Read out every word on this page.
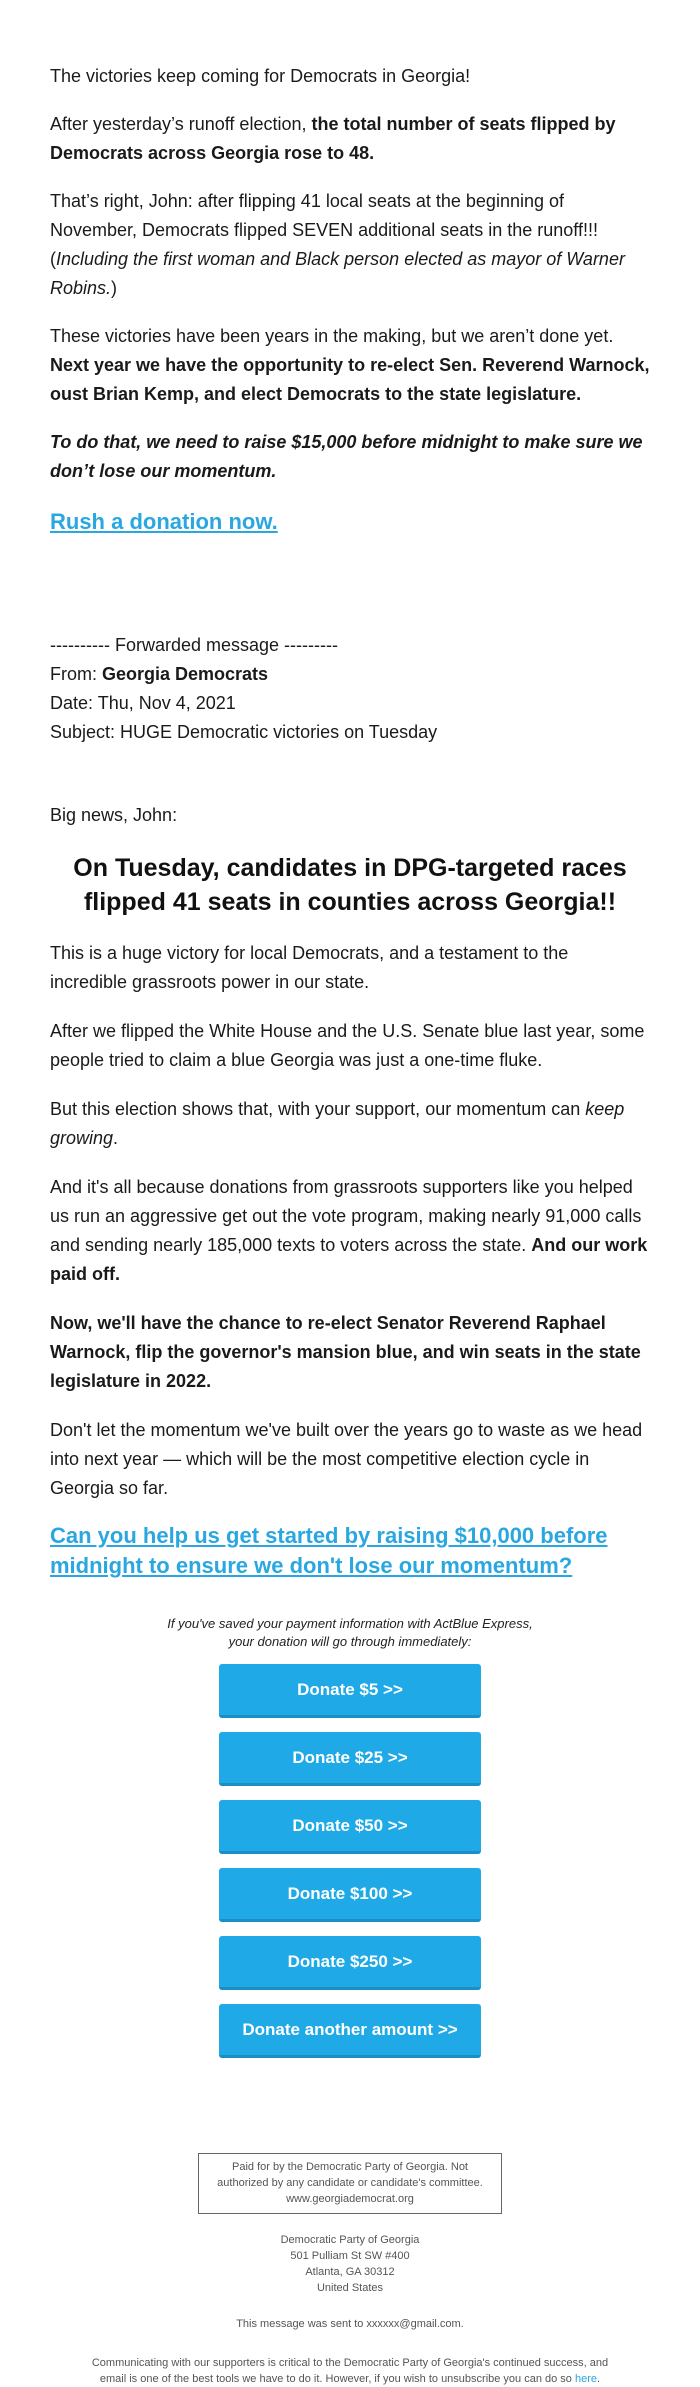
The victories keep coming for Democrats in Georgia!

After yesterday’s runoff election, the total number of seats flipped by Democrats across Georgia rose to 48.

That’s right, John: after flipping 41 local seats at the beginning of November, Democrats flipped SEVEN additional seats in the runoff!!! (Including the first woman and Black person elected as mayor of Warner Robins.)

These victories have been years in the making, but we aren’t done yet. Next year we have the opportunity to re-elect Sen. Reverend Warnock, oust Brian Kemp, and elect Democrats to the state legislature.

To do that, we need to raise $15,000 before midnight to make sure we don’t lose our momentum.

Rush a donation now.
---------- Forwarded message ---------
From: Georgia Democrats
Date: Thu, Nov 4, 2021
Subject: HUGE Democratic victories on Tuesday

Big news, John:

On Tuesday, candidates in DPG-targeted races flipped 41 seats in counties across Georgia!!

This is a huge victory for local Democrats, and a testament to the incredible grassroots power in our state.

After we flipped the White House and the U.S. Senate blue last year, some people tried to claim a blue Georgia was just a one-time fluke.

But this election shows that, with your support, our momentum can keep growing.

And it's all because donations from grassroots supporters like you helped us run an aggressive get out the vote program, making nearly 91,000 calls and sending nearly 185,000 texts to voters across the state. And our work paid off.

Now, we'll have the chance to re-elect Senator Reverend Raphael Warnock, flip the governor's mansion blue, and win seats in the state legislature in 2022.

Don't let the momentum we've built over the years go to waste as we head into next year — which will be the most competitive election cycle in Georgia so far.

Can you help us get started by raising $10,000 before midnight to ensure we don't lose our momentum?
If you've saved your payment information with ActBlue Express,
your donation will go through immediately:
Donate $5 >>
Donate $25 >>
Donate $50 >>
Donate $100 >>
Donate $250 >>
Donate another amount >>
Paid for by the Democratic Party of Georgia. Not authorized by any candidate or candidate's committee.
www.georgiademocrat.org
Democratic Party of Georgia
501 Pulliam St SW #400
Atlanta, GA 30312
United States
This message was sent to xxxxxx@gmail.com.
Communicating with our supporters is critical to the Democratic Party of Georgia's continued success, and email is one of the best tools we have to do it. However, if you wish to unsubscribe you can do so here.
